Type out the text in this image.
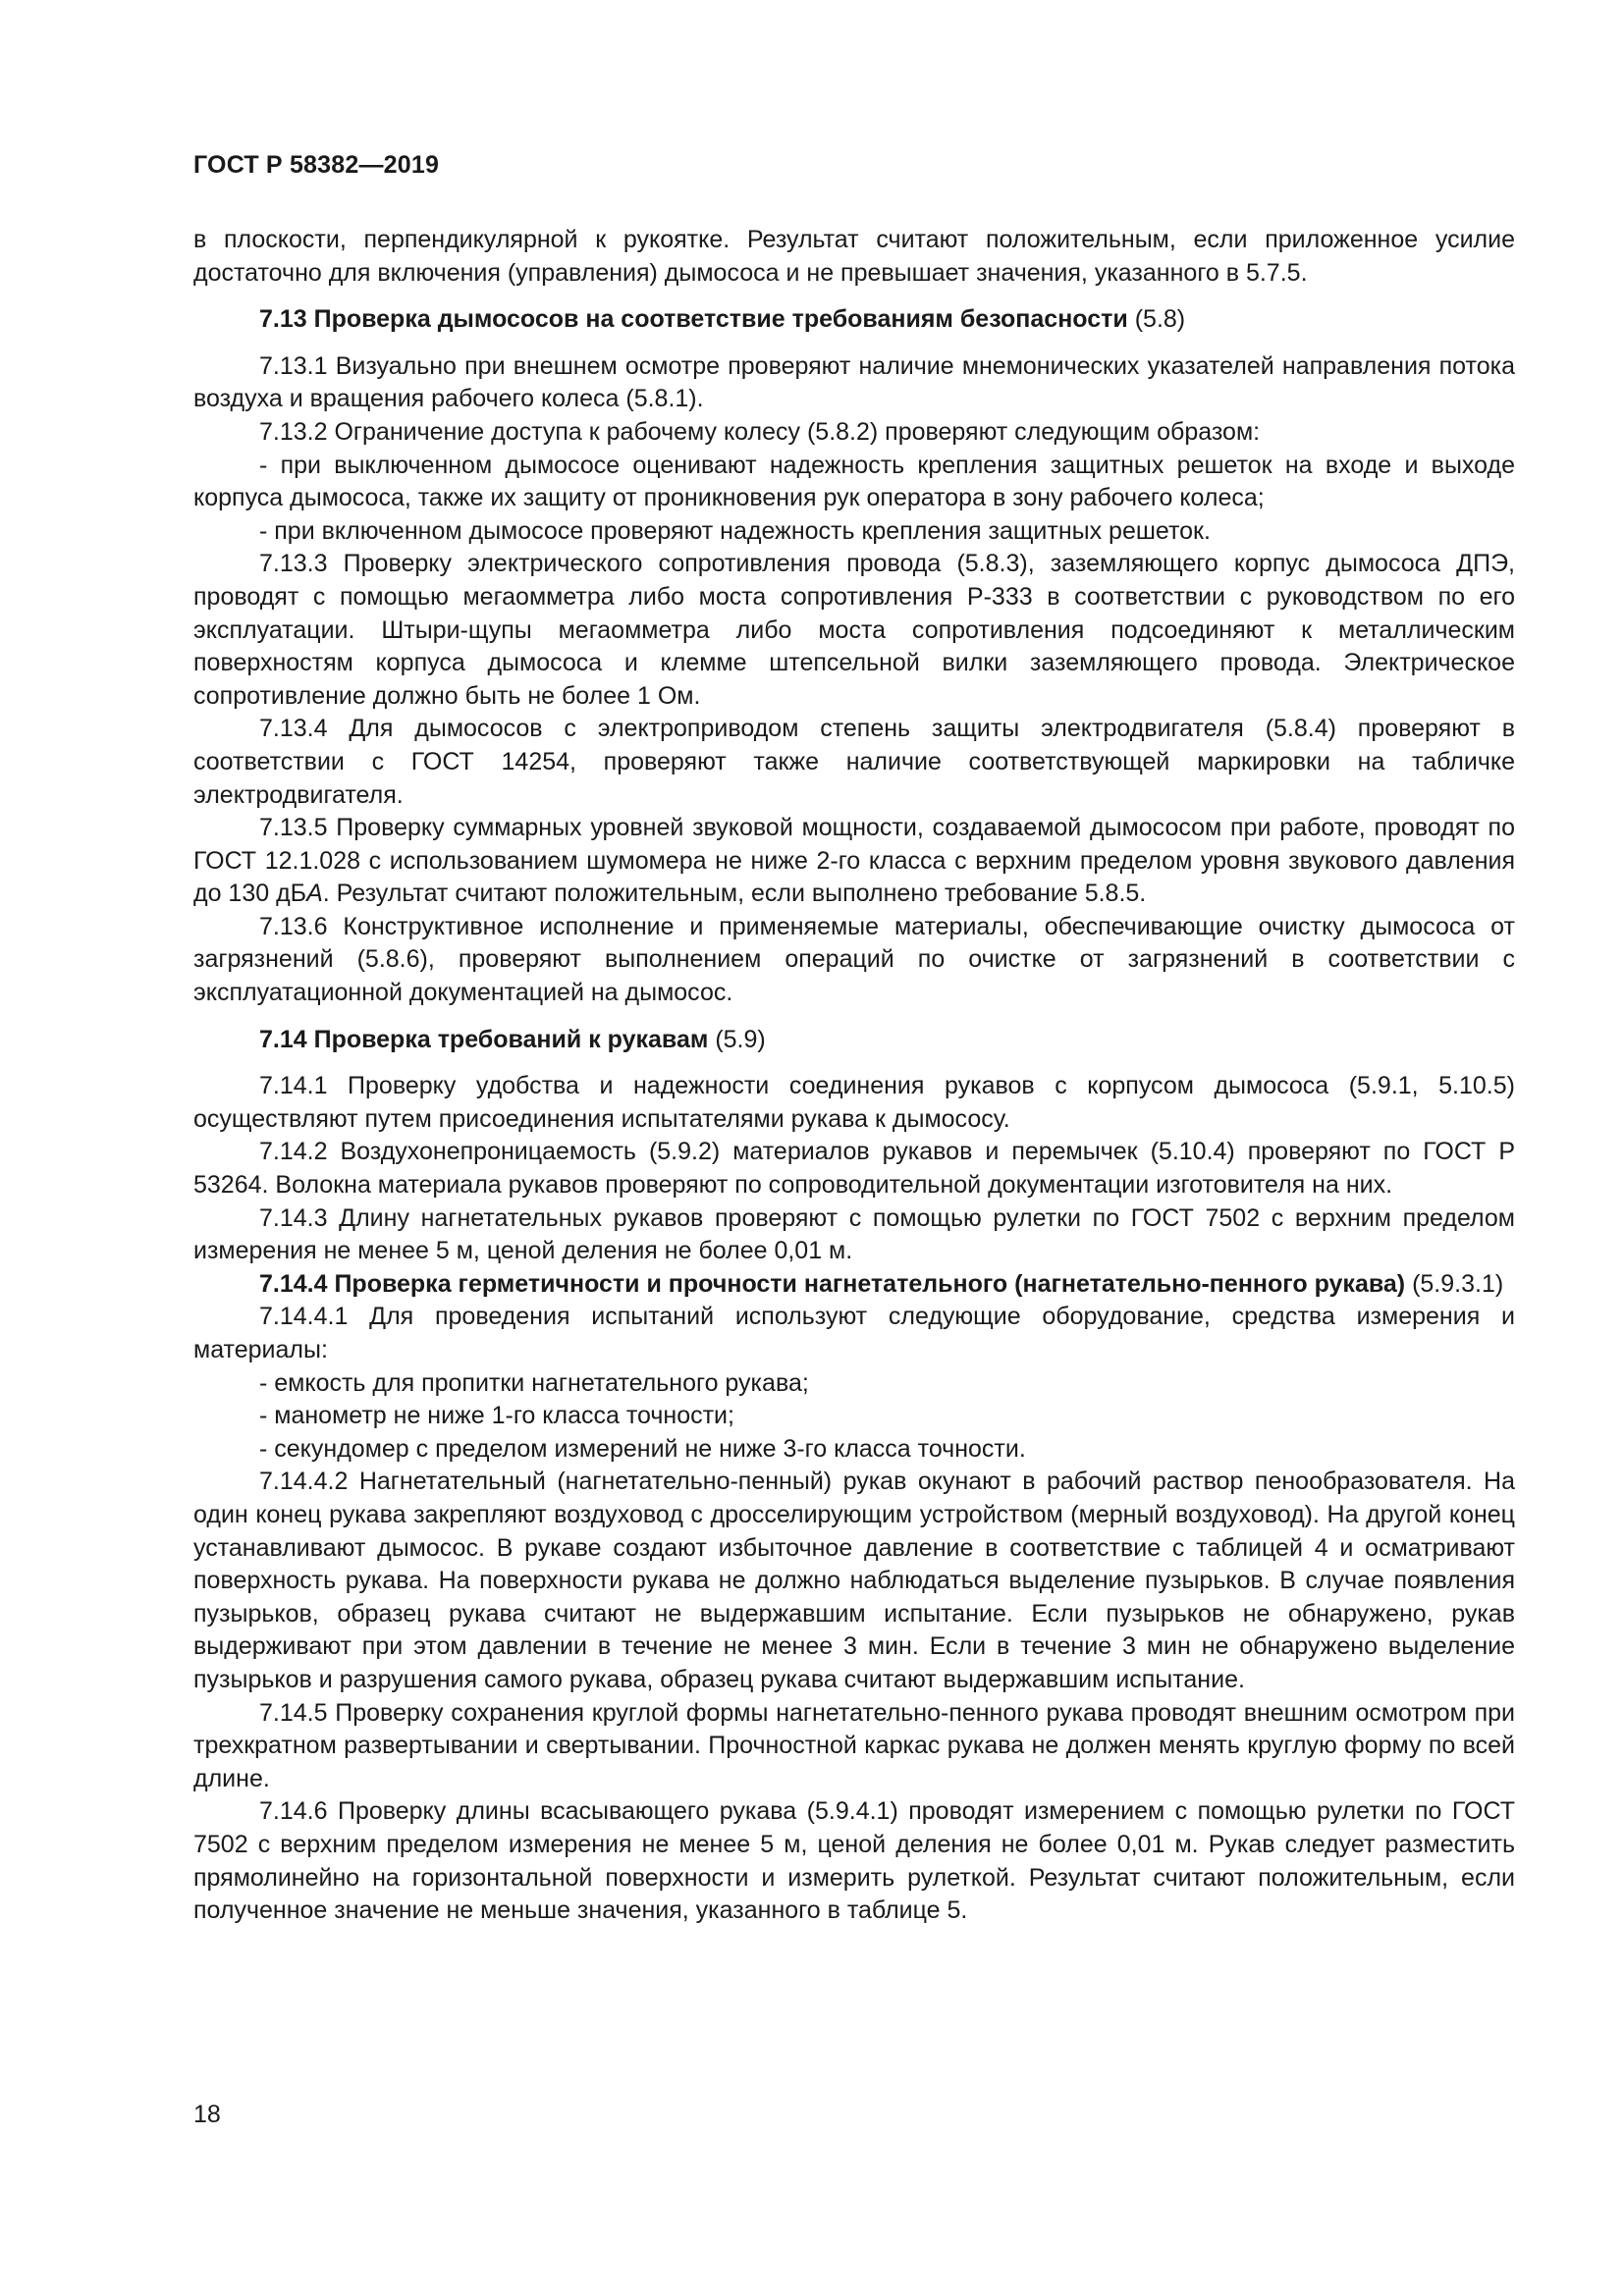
ГОСТ Р 58382—2019

в плоскости, перпендикулярной к рукоятке. Результат считают положительным, если приложенное усилие достаточно для включения (управления) дымососа и не превышает значения, указанного в 5.7.5.

7.13 Проверка дымососов на соответствие требованиям безопасности (5.8)

7.13.1 Визуально при внешнем осмотре проверяют наличие мнемонических указателей направления потока воздуха и вращения рабочего колеса (5.8.1).

7.13.2 Ограничение доступа к рабочему колесу (5.8.2) проверяют следующим образом:

- при выключенном дымососе оценивают надежность крепления защитных решеток на входе и выходе корпуса дымососа, также их защиту от проникновения рук оператора в зону рабочего колеса;

- при включенном дымососе проверяют надежность крепления защитных решеток.

7.13.3 Проверку электрического сопротивления провода (5.8.3), заземляющего корпус дымососа ДПЭ, проводят с помощью мегаомметра либо моста сопротивления Р-333 в соответствии с руководством по его эксплуатации. Штыри-щупы мегаомметра либо моста сопротивления подсоединяют к металлическим поверхностям корпуса дымососа и клемме штепсельной вилки заземляющего провода. Электрическое сопротивление должно быть не более 1 Ом.

7.13.4 Для дымососов с электроприводом степень защиты электродвигателя (5.8.4) проверяют в соответствии с ГОСТ 14254, проверяют также наличие соответствующей маркировки на табличке электродвигателя.

7.13.5 Проверку суммарных уровней звуковой мощности, создаваемой дымососом при работе, проводят по ГОСТ 12.1.028 с использованием шумомера не ниже 2-го класса с верхним пределом уровня звукового давления до 130 дБА. Результат считают положительным, если выполнено требование 5.8.5.

7.13.6 Конструктивное исполнение и применяемые материалы, обеспечивающие очистку дымососа от загрязнений (5.8.6), проверяют выполнением операций по очистке от загрязнений в соответствии с эксплуатационной документацией на дымосос.

7.14 Проверка требований к рукавам (5.9)

7.14.1 Проверку удобства и надежности соединения рукавов с корпусом дымососа (5.9.1, 5.10.5) осуществляют путем присоединения испытателями рукава к дымососу.

7.14.2 Воздухонепроницаемость (5.9.2) материалов рукавов и перемычек (5.10.4) проверяют по ГОСТ Р 53264. Волокна материала рукавов проверяют по сопроводительной документации изготовителя на них.

7.14.3 Длину нагнетательных рукавов проверяют с помощью рулетки по ГОСТ 7502 с верхним пределом измерения не менее 5 м, ценой деления не более 0,01 м.

7.14.4 Проверка герметичности и прочности нагнетательного (нагнетательно-пенного рукава) (5.9.3.1)

7.14.4.1 Для проведения испытаний используют следующие оборудование, средства измерения и материалы:

- емкость для пропитки нагнетательного рукава;

- манометр не ниже 1-го класса точности;

- секундомер с пределом измерений не ниже 3-го класса точности.

7.14.4.2 Нагнетательный (нагнетательно-пенный) рукав окунают в рабочий раствор пенообразователя. На один конец рукава закрепляют воздуховод с дросселирующим устройством (мерный воздуховод). На другой конец устанавливают дымосос. В рукаве создают избыточное давление в соответствие с таблицей 4 и осматривают поверхность рукава. На поверхности рукава не должно наблюдаться выделение пузырьков. В случае появления пузырьков, образец рукава считают не выдержавшим испытание. Если пузырьков не обнаружено, рукав выдерживают при этом давлении в течение не менее 3 мин. Если в течение 3 мин не обнаружено выделение пузырьков и разрушения самого рукава, образец рукава считают выдержавшим испытание.

7.14.5 Проверку сохранения круглой формы нагнетательно-пенного рукава проводят внешним осмотром при трехкратном развертывании и свертывании. Прочностной каркас рукава не должен менять круглую форму по всей длине.

7.14.6 Проверку длины всасывающего рукава (5.9.4.1) проводят измерением с помощью рулетки по ГОСТ 7502 с верхним пределом измерения не менее 5 м, ценой деления не более 0,01 м. Рукав следует разместить прямолинейно на горизонтальной поверхности и измерить рулеткой. Результат считают положительным, если полученное значение не меньше значения, указанного в таблице 5.

18
